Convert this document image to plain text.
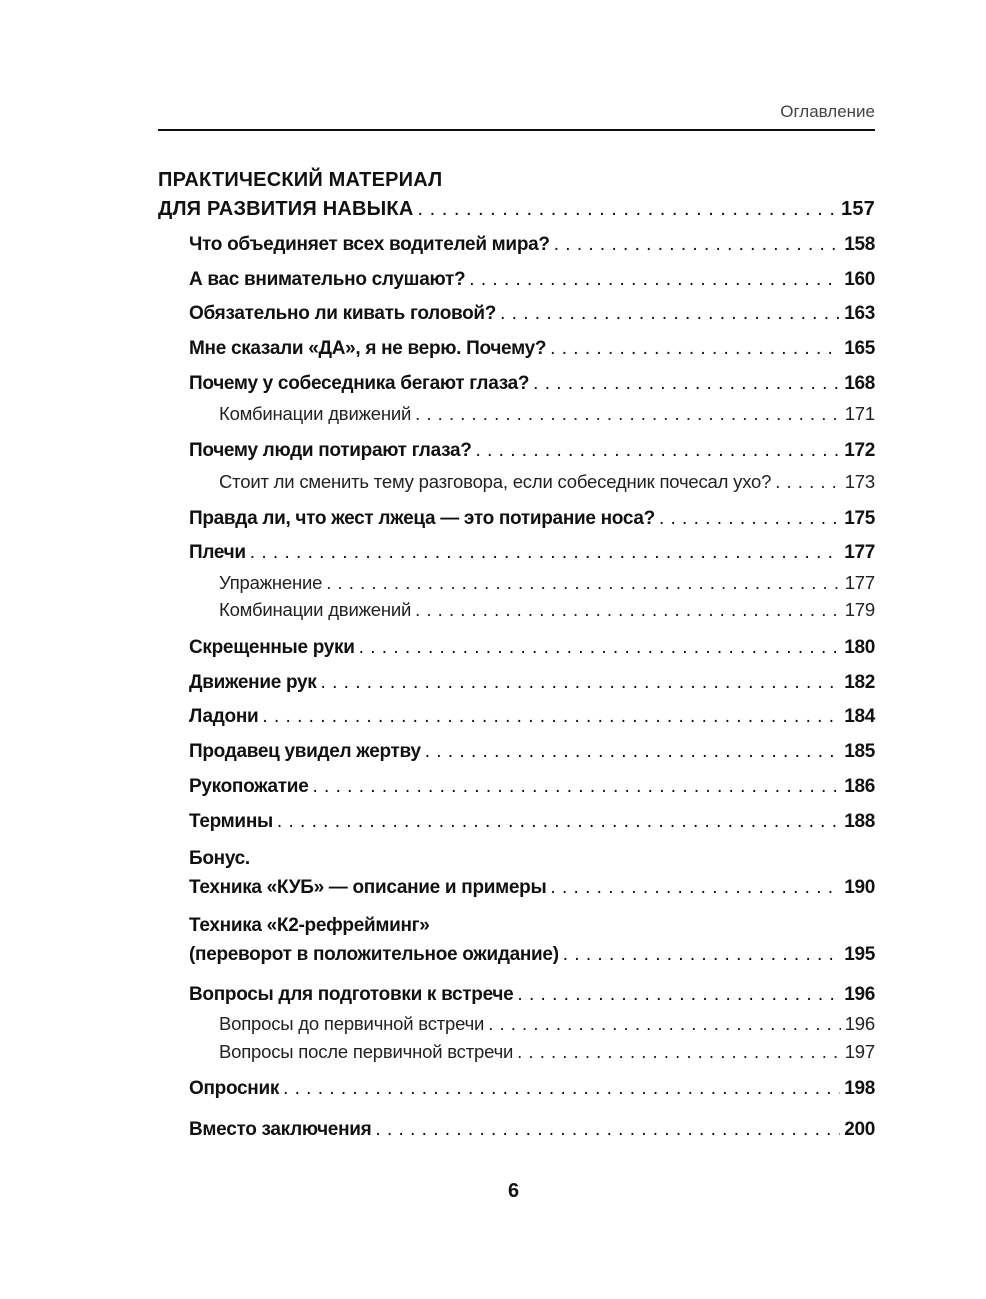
Оглавление
ПРАКТИЧЕСКИЙ МАТЕРИАЛ
ДЛЯ РАЗВИТИЯ НАВЫКА . . .	157
Что объединяет всех водителей мира? . . .	158
А вас внимательно слушают? . . .	160
Обязательно ли кивать головой? . . .	163
Мне сказали «ДА», я не верю. Почему? . . .	165
Почему у собеседника бегают глаза? . . .	168
Комбинации движений . . .	171
Почему люди потирают глаза? . . .	172
Стоит ли сменить тему разговора, если собеседник почесал ухо? . . .	173
Правда ли, что жест лжеца — это потирание носа? . . .	175
Плечи . . .	177
Упражнение . . .	177
Комбинации движений . . .	179
Скрещенные руки . . .	180
Движение рук . . .	182
Ладони . . .	184
Продавец увидел жертву . . .	185
Рукопожатие . . .	186
Термины . . .	188
Бонус.
Техника «КУБ» — описание и примеры . . .	190
Техника «К2-рефрейминг»
(переворот в положительное ожидание) . . .	195
Вопросы для подготовки к встрече . . .	196
Вопросы до первичной встречи . . .	196
Вопросы после первичной встречи . . .	197
Опросник . . .	198
Вместо заключения . . .	200
6
